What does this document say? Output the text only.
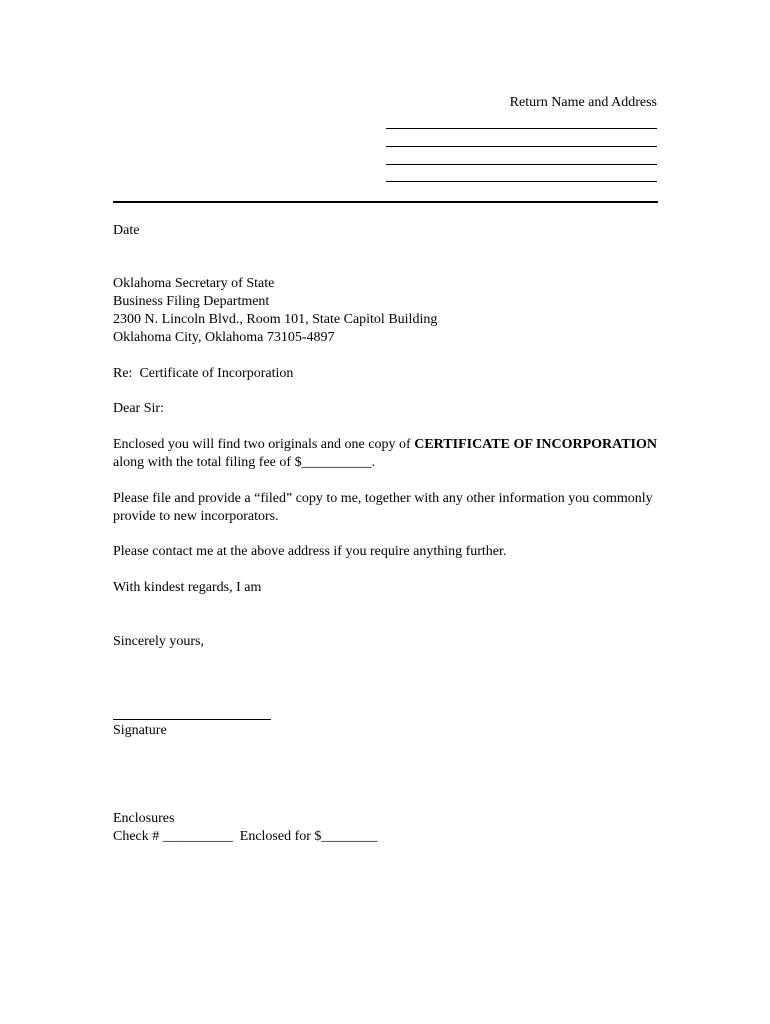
Return Name and Address
Date
Oklahoma Secretary of State
Business Filing Department
2300 N. Lincoln Blvd., Room 101, State Capitol Building
Oklahoma City, Oklahoma 73105-4897
Re:  Certificate of Incorporation
Dear Sir:
Enclosed you will find two originals and one copy of CERTIFICATE OF INCORPORATION along with the total filing fee of $__________.
Please file and provide a “filed” copy to me, together with any other information you commonly provide to new incorporators.
Please contact me at the above address if you require anything further.
With kindest regards, I am
Sincerely yours,
Signature
Enclosures
Check # __________  Enclosed for $________
